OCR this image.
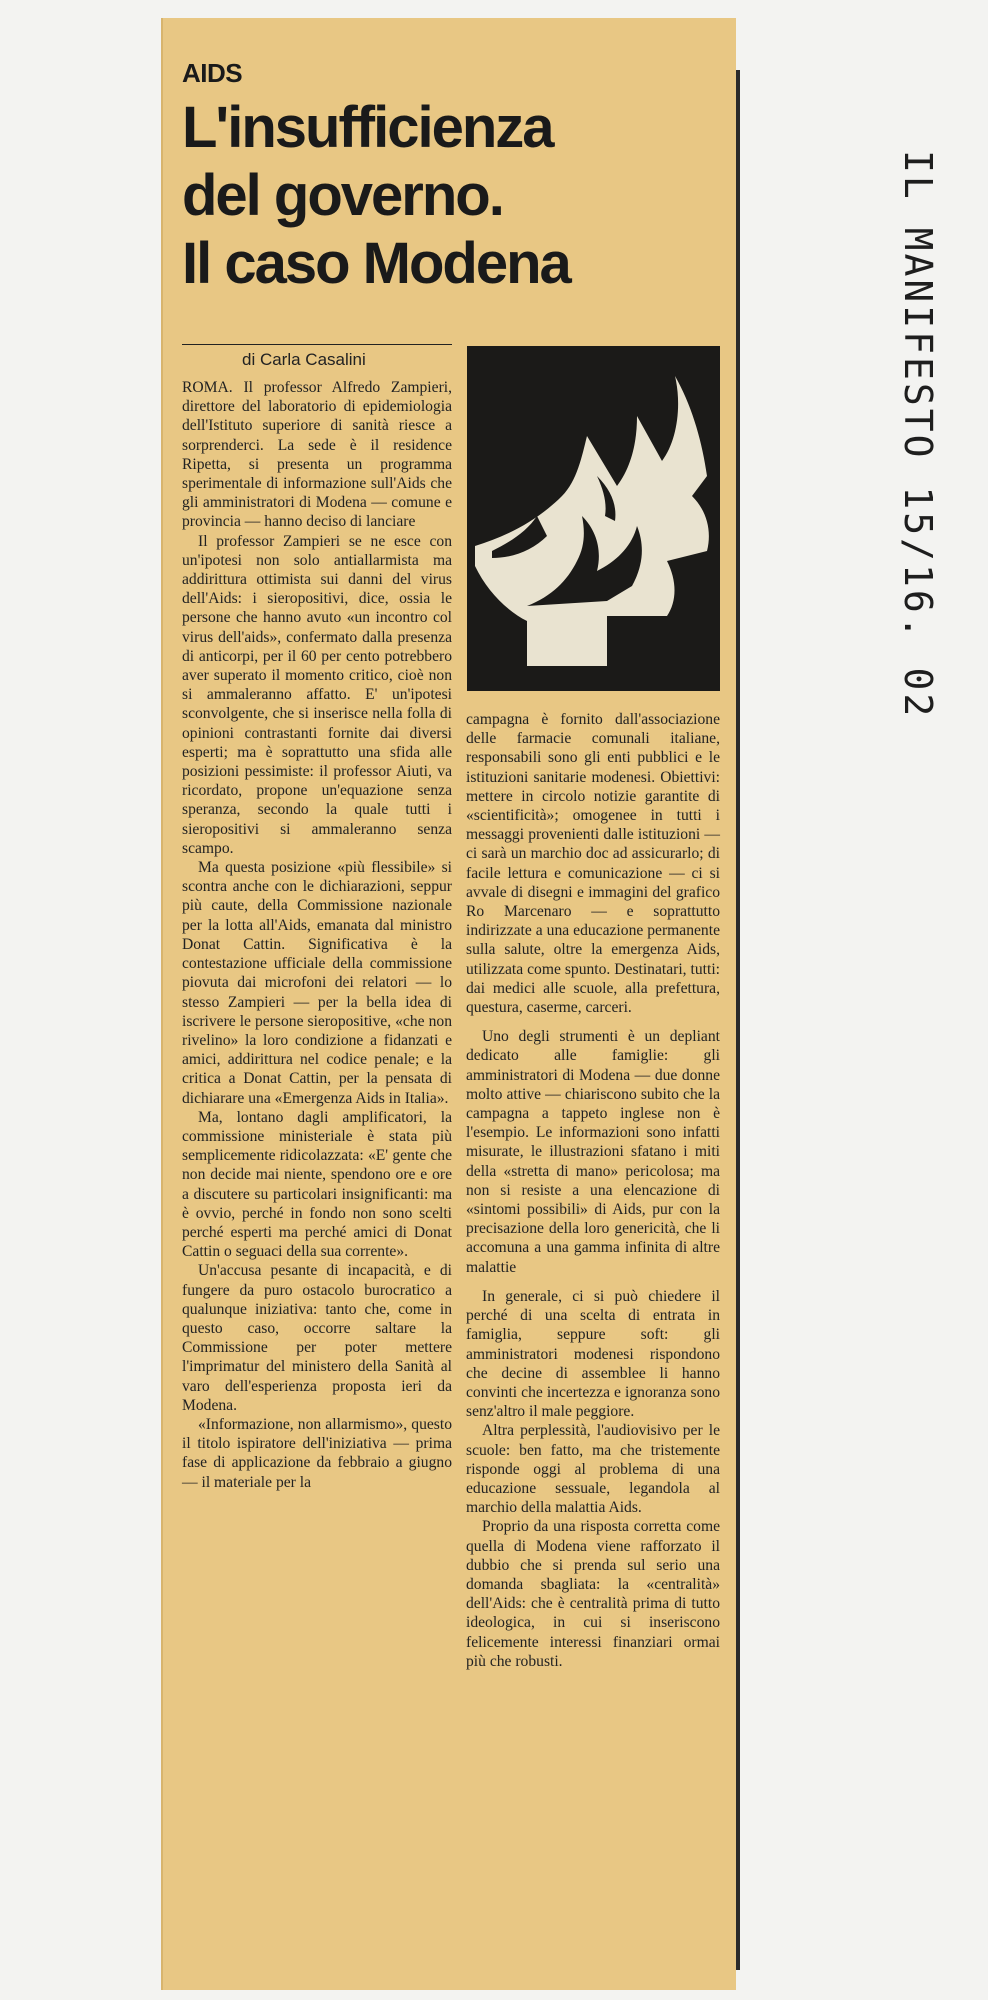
AIDS
L'insufficienza
del governo.
Il caso Modena
di Carla Casalini

ROMA. Il professor Alfredo Zampieri, direttore del laboratorio di epidemiologia dell'Istituto superiore di sanità riesce a sorprenderci. La sede è il residence Ripetta, si presenta un programma sperimentale di informazione sull'Aids che gli amministratori di Modena — comune e provincia — hanno deciso di lanciare

Il professor Zampieri se ne esce con un'ipotesi non solo antiallarmista ma addirittura ottimista sui danni del virus dell'Aids: i sieropositivi, dice, ossia le persone che hanno avuto «un incontro col virus dell'aids», confermato dalla presenza di anticorpi, per il 60 per cento potrebbero aver superato il momento critico, cioè non si ammaleranno affatto. E' un'ipotesi sconvolgente, che si inserisce nella folla di opinioni contrastanti fornite dai diversi esperti; ma è soprattutto una sfida alle posizioni pessimiste: il professor Aiuti, va ricordato, propone un'equazione senza speranza, secondo la quale tutti i sieropositivi si ammaleranno senza scampo.

Ma questa posizione «più flessibile» si scontra anche con le dichiarazioni, seppur più caute, della Commissione nazionale per la lotta all'Aids, emanata dal ministro Donat Cattin. Significativa è la contestazione ufficiale della commissione piovuta dai microfoni dei relatori — lo stesso Zampieri — per la bella idea di iscrivere le persone sieropositive, «che non rivelino» la loro condizione a fidanzati e amici, addirittura nel codice penale; e la critica a Donat Cattin, per la pensata di dichiarare una «Emergenza Aids in Italia».

Ma, lontano dagli amplificatori, la commissione ministeriale è stata più semplicemente ridicolazzata: «E' gente che non decide mai niente, spendono ore e ore a discutere su particolari insignificanti: ma è ovvio, perché in fondo non sono scelti perché esperti ma perché amici di Donat Cattin o seguaci della sua corrente».

Un'accusa pesante di incapacità, e di fungere da puro ostacolo burocratico a qualunque iniziativa: tanto che, come in questo caso, occorre saltare la Commissione per poter mettere l'imprimatur del ministero della Sanità al varo dell'esperienza proposta ieri da Modena.

«Informazione, non allarmismo», questo il titolo ispiratore dell'iniziativa — prima fase di applicazione da febbraio a giugno — il materiale per la

campagna è fornito dall'associazione delle farmacie comunali italiane, responsabili sono gli enti pubblici e le istituzioni sanitarie modenesi. Obiettivi: mettere in circolo notizie garantite di «scientificità»; omogenee in tutti i messaggi provenienti dalle istituzioni — ci sarà un marchio doc ad assicurarlo; di facile lettura e comunicazione — ci si avvale di disegni e immagini del grafico Ro Marcenaro — e soprattutto indirizzate a una educazione permanente sulla salute, oltre la emergenza Aids, utilizzata come spunto. Destinatari, tutti: dai medici alle scuole, alla prefettura, questura, caserme, carceri.

Uno degli strumenti è un depliant dedicato alle famiglie: gli amministratori di Modena — due donne molto attive — chiariscono subito che la campagna a tappeto inglese non è l'esempio. Le informazioni sono infatti misurate, le illustrazioni sfatano i miti della «stretta di mano» pericolosa; ma non si resiste a una elencazione di «sintomi possibili» di Aids, pur con la precisazione della loro genericità, che li accomuna a una gamma infinita di altre malattie

In generale, ci si può chiedere il perché di una scelta di entrata in famiglia, seppure soft: gli amministratori modenesi rispondono che decine di assemblee li hanno convinti che incertezza e ignoranza sono senz'altro il male peggiore.

Altra perplessità, l'audiovisivo per le scuole: ben fatto, ma che tristemente risponde oggi al problema di una educazione sessuale, legandola al marchio della malattia Aids.

Proprio da una risposta corretta come quella di Modena viene rafforzato il dubbio che si prenda sul serio una domanda sbagliata: la «centralità» dell'Aids: che è centralità prima di tutto ideologica, in cui si inseriscono felicemente interessi finanziari ormai più che robusti.

IL MANIFESTO 15/16. 02. 87
